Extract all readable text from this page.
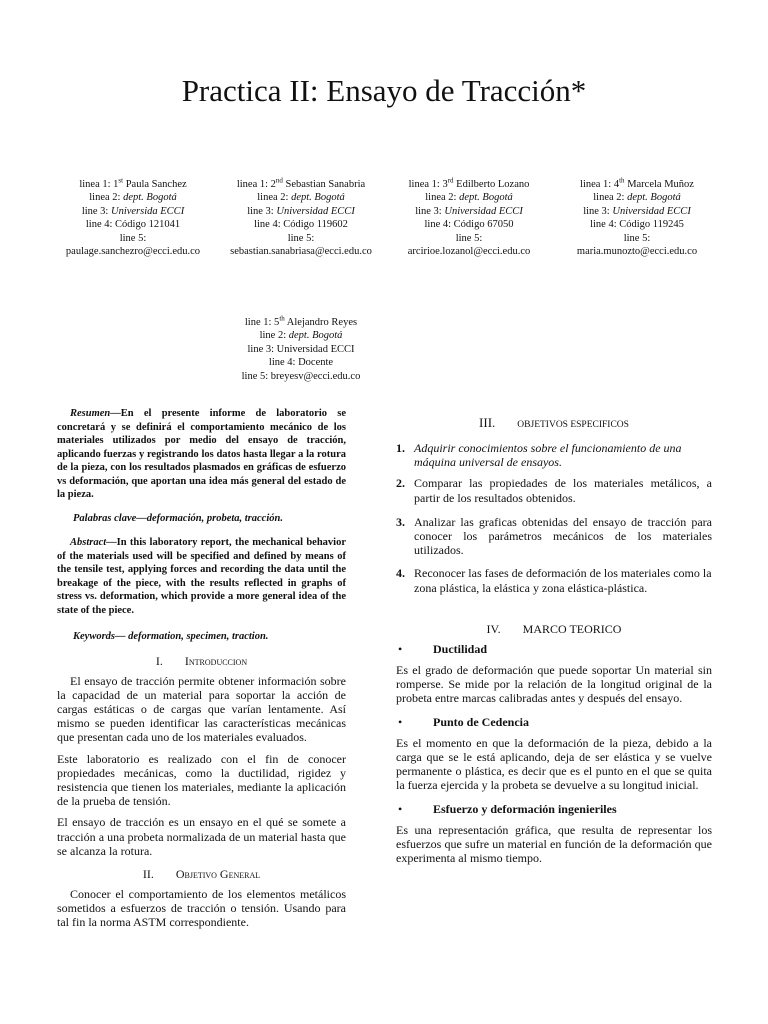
Practica II: Ensayo de Tracción*
linea 1: 1st Paula Sanchez
linea 2: dept. Bogotá
line 3: Universida ECCI
line 4: Código 121041
line 5:
paulage.sanchezro@ecci.edu.co
linea 1: 2nd Sebastian Sanabria
linea 2: dept. Bogotá
line 3: Universidad ECCI
line 4: Código 119602
line 5:
sebastian.sanabriasa@ecci.edu.co
linea 1: 3rd Edilberto Lozano
linea 2: dept. Bogotá
line 3: Universidad ECCI
line 4: Código 67050
line 5:
arcirioe.lozanol@ecci.edu.co
linea 1: 4th Marcela Muñoz
linea 2: dept. Bogotá
line 3: Universidad ECCI
line 4: Código 119245
line 5:
maria.munozto@ecci.edu.co
line 1: 5th Alejandro Reyes
line 2: dept. Bogotá
line 3: Universidad ECCI
line 4: Docente
line 5: breyesv@ecci.edu.co

Resumen—En el presente informe de laboratorio se concretará y se definirá el comportamiento mecánico de los materiales utilizados por medio del ensayo de tracción, aplicando fuerzas y registrando los datos hasta llegar a la rotura de la pieza, con los resultados plasmados en gráficas de esfuerzo vs deformación, que aportan una idea más general del estado de la pieza.

Palabras clave—deformación, probeta, tracción.

Abstract—In this laboratory report, the mechanical behavior of the materials used will be specified and defined by means of the tensile test, applying forces and recording the data until the breakage of the piece, with the results reflected in graphs of stress vs. deformation, which provide a more general idea of the state of the piece.

Keywords— deformation, specimen, traction.

I. Introduccion

El ensayo de tracción permite obtener información sobre la capacidad de un material para soportar la acción de cargas estáticas o de cargas que varían lentamente. Así mismo se pueden identificar las características mecánicas que presentan cada uno de los materiales evaluados.

Este laboratorio es realizado con el fin de conocer propiedades mecánicas, como la ductilidad, rigidez y resistencia que tienen los materiales, mediante la aplicación de la prueba de tensión.

El ensayo de tracción es un ensayo en el qué se somete a tracción a una probeta normalizada de un material hasta que se alcanza la rotura.

II. Objetivo General

Conocer el comportamiento de los elementos metálicos sometidos a esfuerzos de tracción o tensión. Usando para tal fin la norma ASTM correspondiente.

III. OBJETIVOS ESPECIFICOS

1. Adquirir conocimientos sobre el funcionamiento de una máquina universal de ensayos.
2. Comparar las propiedades de los materiales metálicos, a partir de los resultados obtenidos.
3. Analizar las graficas obtenidas del ensayo de tracción para conocer los parámetros mecánicos de los materiales utilizados.
4. Reconocer las fases de deformación de los materiales como la zona plástica, la elástica y zona elástica-plástica.

IV. MARCO TEORICO

•	Ductilidad

Es el grado de deformación que puede soportar Un material sin romperse. Se mide por la relación de la longitud original de la probeta entre marcas calibradas antes y después del ensayo.

•	Punto de Cedencia

Es el momento en que la deformación de la pieza, debido a la carga que se le está aplicando, deja de ser elástica y se vuelve permanente o plástica, es decir que es el punto en el que se quita la fuerza ejercida y la probeta se devuelve a su longitud inicial.

•	Esfuerzo y deformación ingenieriles

Es una representación gráfica, que resulta de representar los esfuerzos que sufre un material en función de la deformación que experimenta al mismo tiempo.
